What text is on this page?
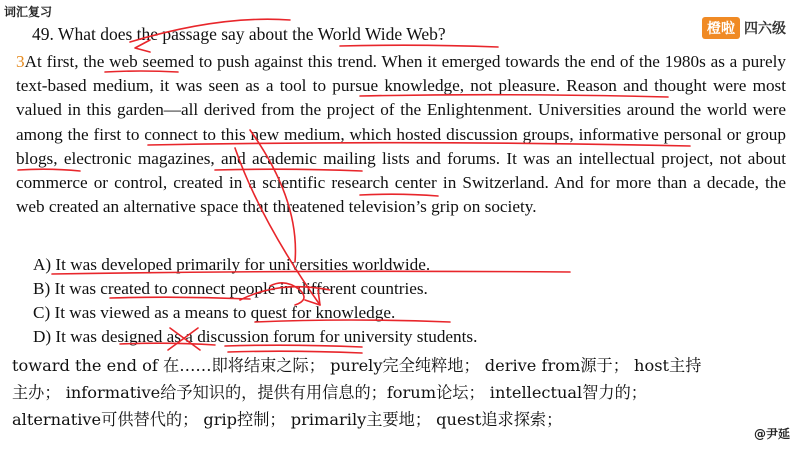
词汇复习
橙啦 四六级
49. What does the passage say about the World Wide Web?
3At first, the web seemed to push against this trend. When it emerged towards the end of the 1980s as a purely text-based medium, it was seen as a tool to pursue knowledge, not pleasure. Reason and thought were most valued in this garden—all derived from the project of the Enlightenment. Universities around the world were among the first to connect to this new medium, which hosted discussion groups, informative personal or group blogs, electronic magazines, and academic mailing lists and forums. It was an intellectual project, not about commerce or control, created in a scientific research center in Switzerland. And for more than a decade, the web created an alternative space that threatened television’s grip on society.
A) It was developed primarily for universities worldwide.
B) It was created to connect people in different countries.
C) It was viewed as a means to quest for knowledge.
D) It was designed as a discussion forum for university students.
toward the end of 在……即将结束之际； purely完全纯粹地； derive from源于； host主持
主办； informative给予知识的，提供有用信息的；forum论坛； intellectual智力的；
alternative可供替代的； grip控制； primarily主要地； quest追求探索；
@尹延
